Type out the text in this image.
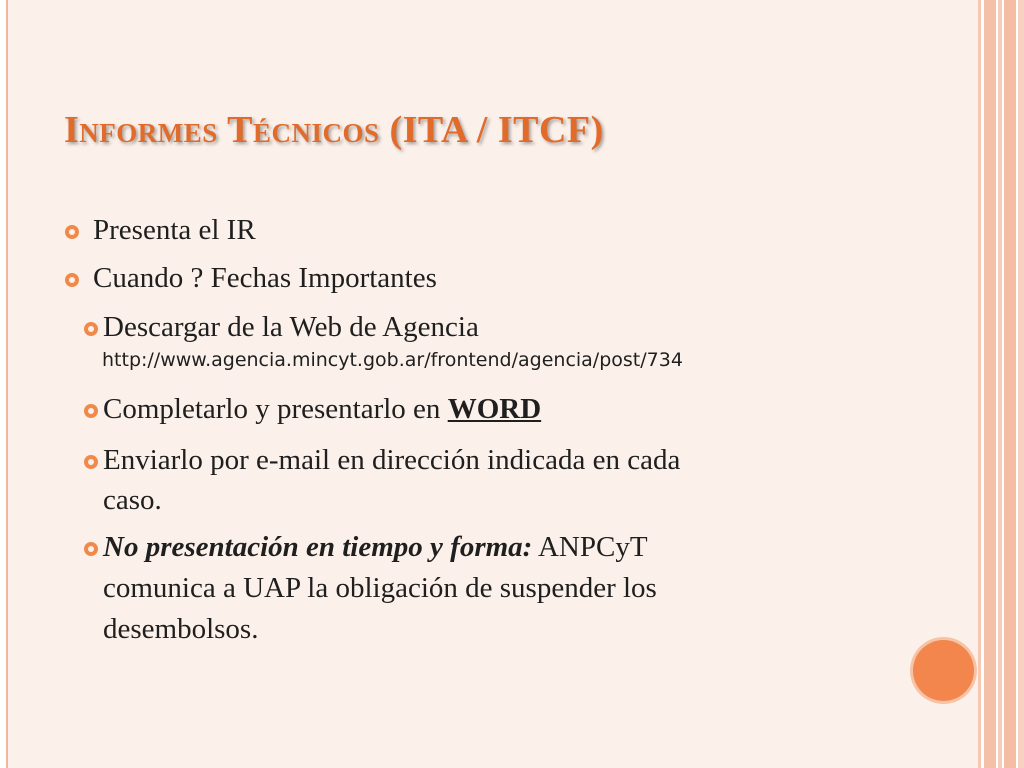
Informes Técnicos (ITA / ITCF)
Presenta el IR
Cuando ? Fechas Importantes
Descargar de la Web de Agencia
http://www.agencia.mincyt.gob.ar/frontend/agencia/post/734
Completarlo y presentarlo en WORD
Enviarlo por e-mail en dirección indicada en cada
caso.
No presentación en tiempo y forma: ANPCyT
comunica a UAP la obligación de suspender los
desembolsos.
